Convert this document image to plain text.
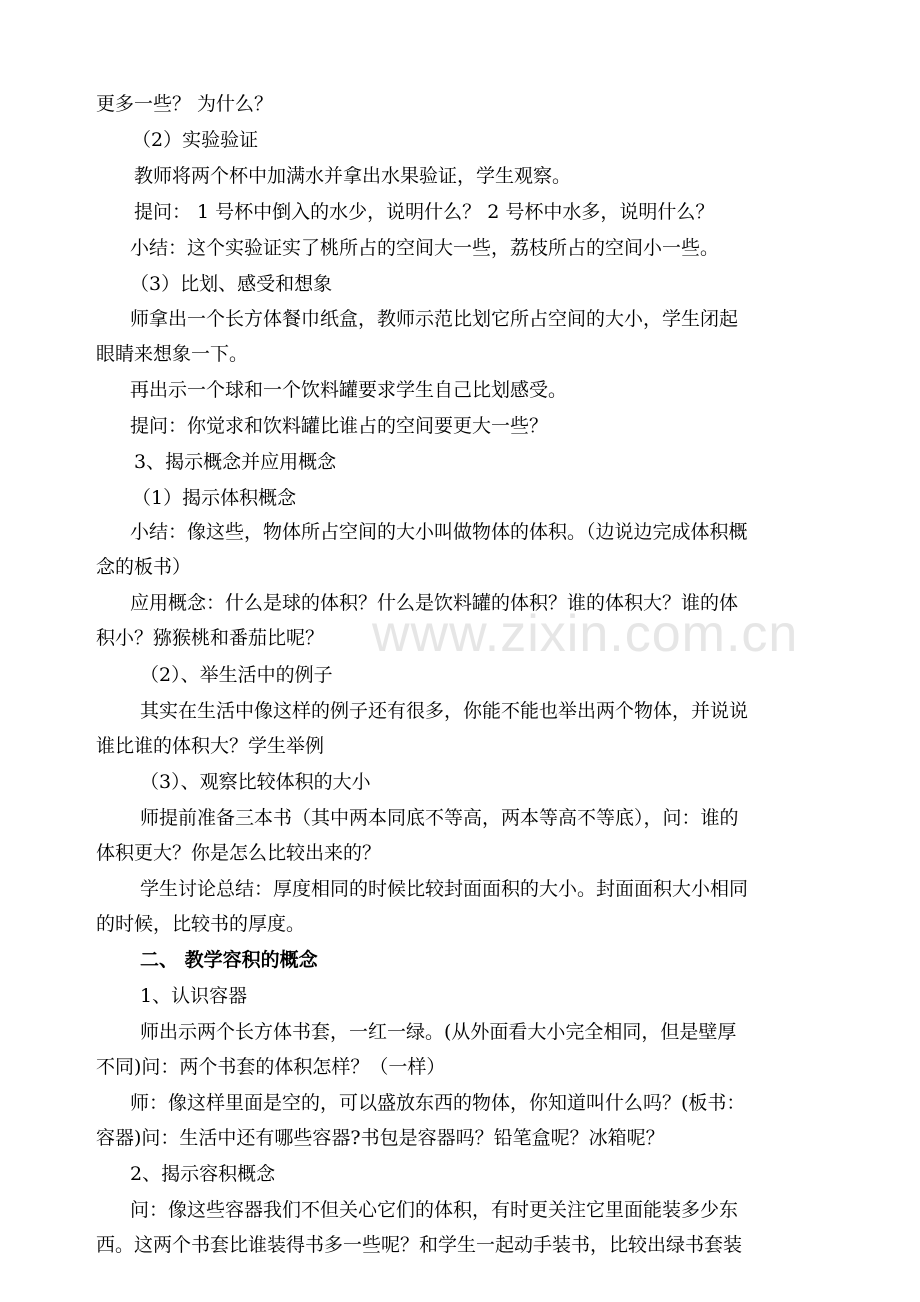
www.zixin.com.cn
更多一些？ 为什么？
（2）实验验证
教师将两个杯中加满水并拿出水果验证，学生观察。
提问： 1 号杯中倒入的水少，说明什么？ 2 号杯中水多，说明什么？
小结：这个实验证实了桃所占的空间大一些，荔枝所占的空间小一些。
（3）比划、感受和想象
师拿出一个长方体餐巾纸盒，教师示范比划它所占空间的大小，学生闭起
眼睛来想象一下。
再出示一个球和一个饮料罐要求学生自己比划感受。
提问：你觉求和饮料罐比谁占的空间要更大一些？
3、揭示概念并应用概念
（1）揭示体积概念
小结：像这些，物体所占空间的大小叫做物体的体积。（边说边完成体积概
念的板书）
应用概念：什么是球的体积？什么是饮料罐的体积？谁的体积大？谁的体
积小？猕猴桃和番茄比呢？
（2）、举生活中的例子
其实在生活中像这样的例子还有很多，你能不能也举出两个物体，并说说
谁比谁的体积大？学生举例
（3）、观察比较体积的大小
师提前准备三本书（其中两本同底不等高，两本等高不等底），问：谁的
体积更大？你是怎么比较出来的？
学生讨论总结：厚度相同的时候比较封面面积的大小。封面面积大小相同
的时候，比较书的厚度。
二、 教学容积的概念
1、认识容器
师出示两个长方体书套，一红一绿。(从外面看大小完全相同，但是壁厚
不同)问：两个书套的体积怎样？（一样）
师：像这样里面是空的，可以盛放东西的物体，你知道叫什么吗？(板书：
容器)问：生活中还有哪些容器?书包是容器吗？铅笔盒呢？冰箱呢？
2、揭示容积概念
问：像这些容器我们不但关心它们的体积，有时更关注它里面能装多少东
西。这两个书套比谁装得书多一些呢？和学生一起动手装书，比较出绿书套装
